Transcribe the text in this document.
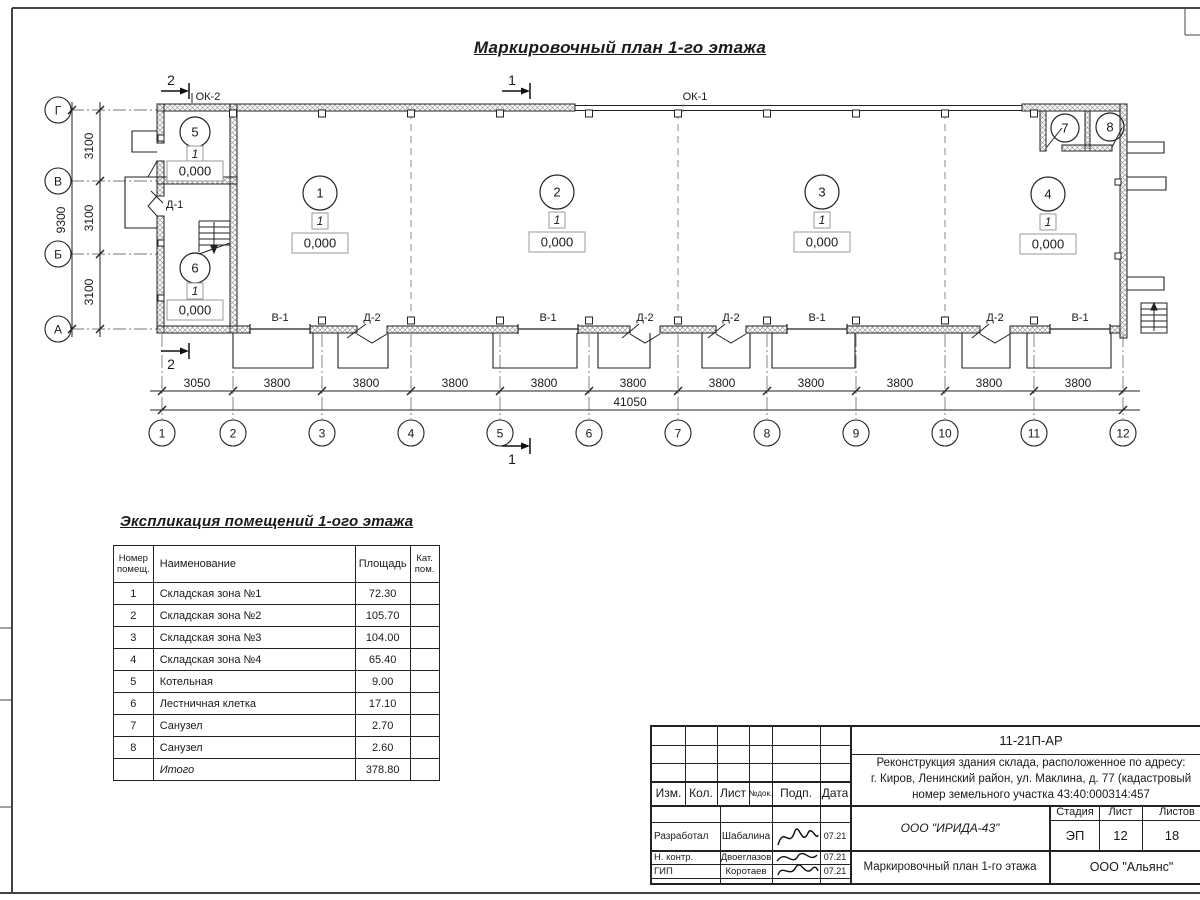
1
1
0,000
2
1
0,000
3
1
0,000
4
1
0,000
5
1
0,000
6
1
0,000
7	8
ОК-2	ОК-1
Д-1
В-1	Д-2	В-1	Д-2	Д-2	В-1	Д-2	В-1
2
2
1
1
3050	3800	3800	3800	3800	3800	3800	3800	3800	3800	3800
41050
3100
3100
3100
9300
1	2	3	4	5	6	7	8	9	10	11	12
Г
В
Б
А
Маркировочный план 1-го этажа
Экспликация помещений 1-ого этажа
Номер помещ.	Наименование	Площадь	Кат. пом.
1	Складская зона №1	72.30	
2	Складская зона №2	105.70	
3	Складская зона №3	104.00	
4	Складская зона №4	65.40	
5	Котельная	9.00	
6	Лестничная клетка	17.10	
7	Санузел	2.70	
8	Санузел	2.60	
	Итого	378.80	
Изм. Кол. Лист №док. Подп. Дата
Разработал	Шабалина	07.21
Н. контр.	Двоеглазов	07.21
ГИП	Коротаев	07.21
11-21П-АР
Реконструкция здания склада, расположенное по адресу:
г. Киров, Ленинский район, ул. Маклина, д. 77 (кадастровый
номер земельного участка 43:40:000314:457
ООО "ИРИДА-43"
Стадия	Лист	Листов
ЭП	12	18
Маркировочный план 1-го этажа	ООО "Альянс"
